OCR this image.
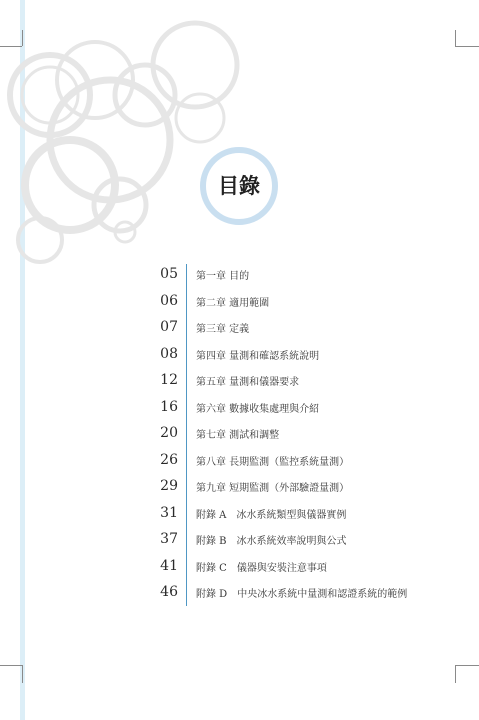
目錄
05 第一章 目的
06 第二章 適用範圍
07 第三章 定義
08 第四章 量測和確認系統說明
12 第五章 量測和儀器要求
16 第六章 數據收集處理與介紹
20 第七章 測試和調整
26 第八章 長期監測（監控系統量測）
29 第九章 短期監測（外部驗證量測）
31 附錄 A　冰水系統類型與儀器實例
37 附錄 B　冰水系統效率說明與公式
41 附錄 C　儀器與安裝注意事項
46 附錄 D　中央冰水系統中量測和認證系統的範例
